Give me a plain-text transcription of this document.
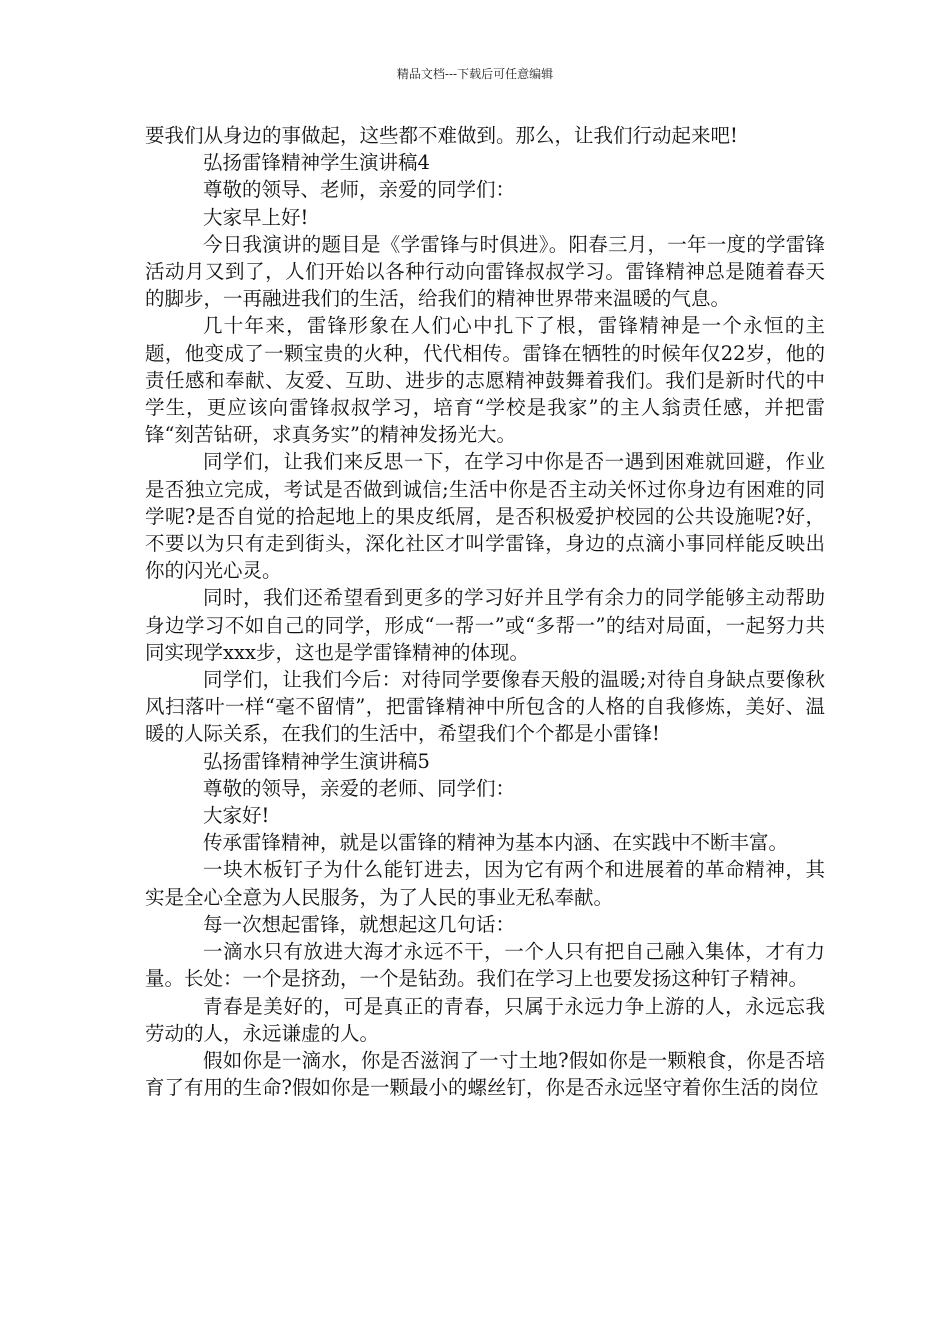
精品文档---下载后可任意编辑

要我们从身边的事做起，这些都不难做到。那么，让我们行动起来吧!

弘扬雷锋精神学生演讲稿4

尊敬的领导、老师，亲爱的同学们：

大家早上好!

今日我演讲的题目是《学雷锋与时俱进》。阳春三月，一年一度的学雷锋活动月又到了，人们开始以各种行动向雷锋叔叔学习。雷锋精神总是随着春天的脚步，一再融进我们的生活，给我们的精神世界带来温暖的气息。

几十年来，雷锋形象在人们心中扎下了根，雷锋精神是一个永恒的主题，他变成了一颗宝贵的火种，代代相传。雷锋在牺牲的时候年仅22岁，他的责任感和奉献、友爱、互助、进步的志愿精神鼓舞着我们。我们是新时代的中学生，更应该向雷锋叔叔学习，培育“学校是我家”的主人翁责任感，并把雷锋“刻苦钻研，求真务实”的精神发扬光大。

同学们，让我们来反思一下，在学习中你是否一遇到困难就回避，作业是否独立完成，考试是否做到诚信;生活中你是否主动关怀过你身边有困难的同学呢?是否自觉的拾起地上的果皮纸屑，是否积极爱护校园的公共设施呢?好，不要以为只有走到街头，深化社区才叫学雷锋，身边的点滴小事同样能反映出你的闪光心灵。

同时，我们还希望看到更多的学习好并且学有余力的同学能够主动帮助身边学习不如自己的同学，形成“一帮一”或“多帮一”的结对局面，一起努力共同实现学xxx步，这也是学雷锋精神的体现。

同学们，让我们今后：对待同学要像春天般的温暖;对待自身缺点要像秋风扫落叶一样“毫不留情”，把雷锋精神中所包含的人格的自我修炼，美好、温暖的人际关系，在我们的生活中，希望我们个个都是小雷锋!

弘扬雷锋精神学生演讲稿5

尊敬的领导，亲爱的老师、同学们：

大家好!

传承雷锋精神，就是以雷锋的精神为基本内涵、在实践中不断丰富。

一块木板钉子为什么能钉进去，因为它有两个和进展着的革命精神，其实是全心全意为人民服务，为了人民的事业无私奉献。

每一次想起雷锋，就想起这几句话：

一滴水只有放进大海才永远不干，一个人只有把自己融入集体，才有力量。长处：一个是挤劲，一个是钻劲。我们在学习上也要发扬这种钉子精神。

青春是美好的，可是真正的青春，只属于永远力争上游的人，永远忘我劳动的人，永远谦虚的人。

假如你是一滴水，你是否滋润了一寸土地?假如你是一颗粮食，你是否培育了有用的生命?假如你是一颗最小的螺丝钉，你是否永远坚守着你生活的岗位
